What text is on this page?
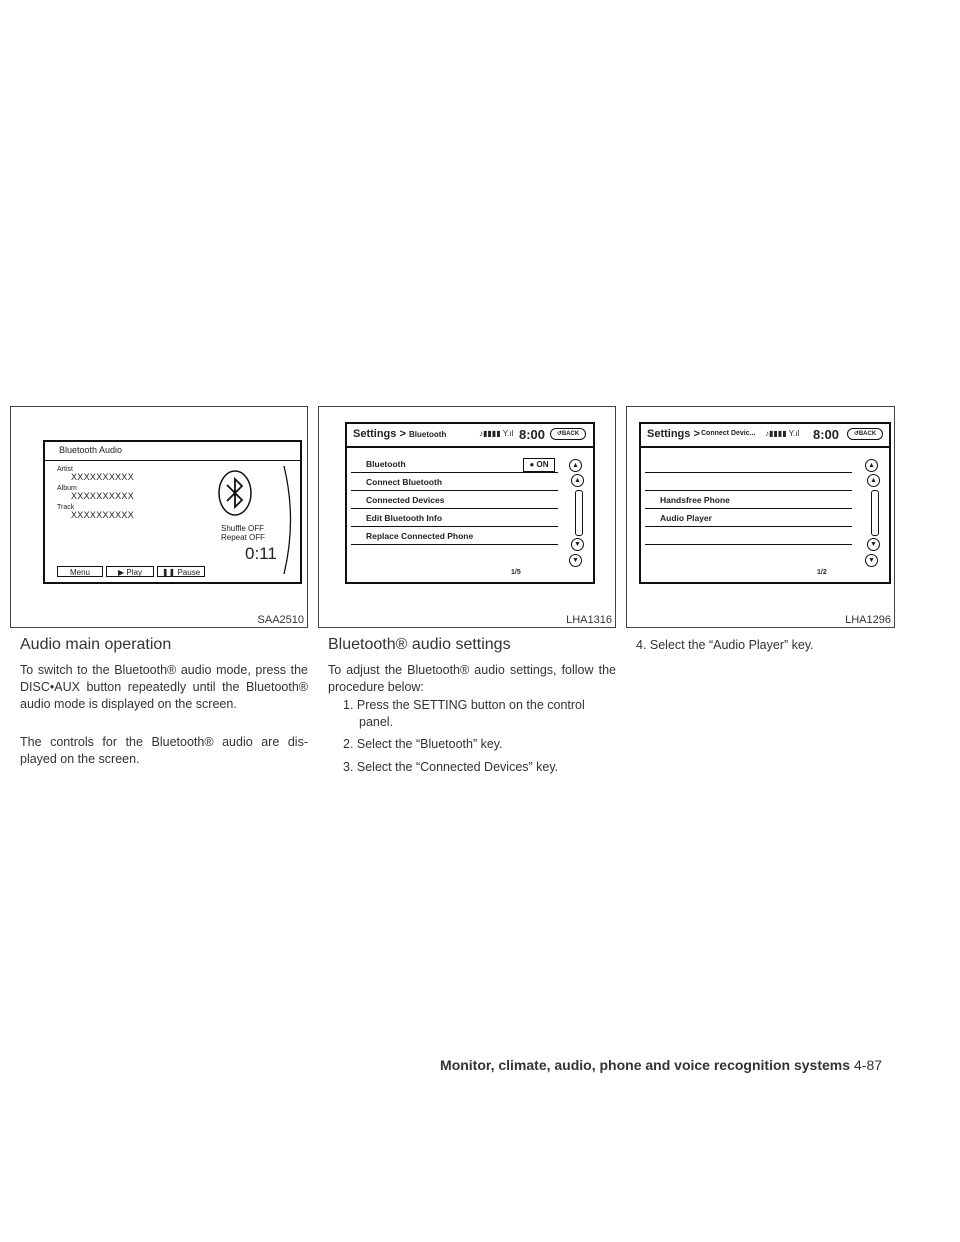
Bluetooth Audio
Artist
XXXXXXXXXX
Album
XXXXXXXXXX
Track
XXXXXXXXXX
Shuffle OFF
Repeat OFF
0:11
Menu	▶ Play	❚❚ Pause
SAA2510
Settings > Bluetooth	♪▮▮▮▮ Y.ıl 8:00	↺BACK
Bluetooth	● ON
Connect Bluetooth
Connected Devices
Edit Bluetooth Info
Replace Connected Phone
▲
▲
▼
▼
1/5
LHA1316
Settings > Connect Devic... ♪▮▮▮▮ Y.ıl 8:00	↺BACK
Handsfree Phone
Audio Player
▲
▲
▼
▼
1/2
LHA1296
Audio main operation

To switch to the Bluetooth® audio mode, press the DISC•AUX button repeatedly until the Bluetooth® audio mode is displayed on the screen.

The controls for the Bluetooth® audio are dis-played on the screen.

Bluetooth® audio settings

To adjust the Bluetooth® audio settings, follow the procedure below:

1. Press the SETTING button on the control panel.
2. Select the “Bluetooth” key.
3. Select the “Connected Devices” key.
4. Select the “Audio Player” key.
Monitor, climate, audio, phone and voice recognition systems 4-87
